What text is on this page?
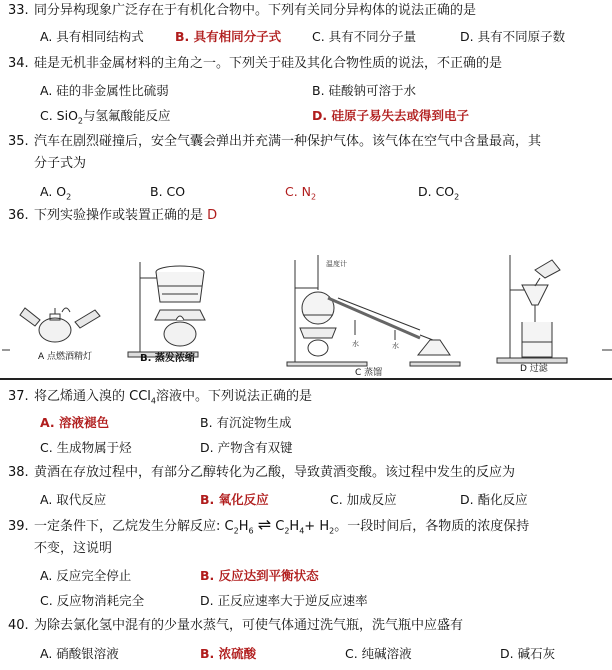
33. 同分异构现象广泛存在于有机化合物中。下列有关同分异构体的说法正确的是
A. 具有相同结构式 B. 具有相同分子式 C. 具有不同分子量	D. 具有不同原子数
34. 硅是无机非金属材料的主角之一。下列关于硅及其化合物性质的说法，不正确的是
A. 硅的非金属性比硫弱	B. 硅酸钠可溶于水
C. SiO$_2$与氢氟酸能反应	D. 硅原子易失去或得到电子
35. 汽车在剧烈碰撞后，安全气囊会弹出并充满一种保护气体。该气体在空气中含量最高，其
分子式为
A. $O_2$	B. CO	C. $N_2$	D. $CO_2$
36. 下列实验操作或装置正确的是 D
温度计
水	水
A 点燃酒精灯	B. 蒸发浓缩
C 蒸馏	D 过滤
37. 将乙烯通入溴的 CCl$_4$溶液中。下列说法正确的是
A. 溶液褪色	B. 有沉淀物生成
C. 生成物属于烃	D. 产物含有双键
38. 黄酒在存放过程中，有部分乙醇转化为乙酸，导致黄酒变酸。该过程中发生的反应为
A. 取代反应	B. 氧化反应	C. 加成反应	D. 酯化反应
39. 一定条件下，乙烷发生分解反应: $C_2H_6$ ⇌ $C_2H_4+ H_2$。一段时间后，各物质的浓度保持
不变，这说明
A. 反应完全停止	B. 反应达到平衡状态
C. 反应物消耗完全	D. 正反应速率大于逆反应速率
40. 为除去氯化氢中混有的少量水蒸气，可使气体通过洗气瓶，洗气瓶中应盛有
A. 硝酸银溶液	B. 浓硫酸	C. 纯碱溶液	D. 碱石灰
